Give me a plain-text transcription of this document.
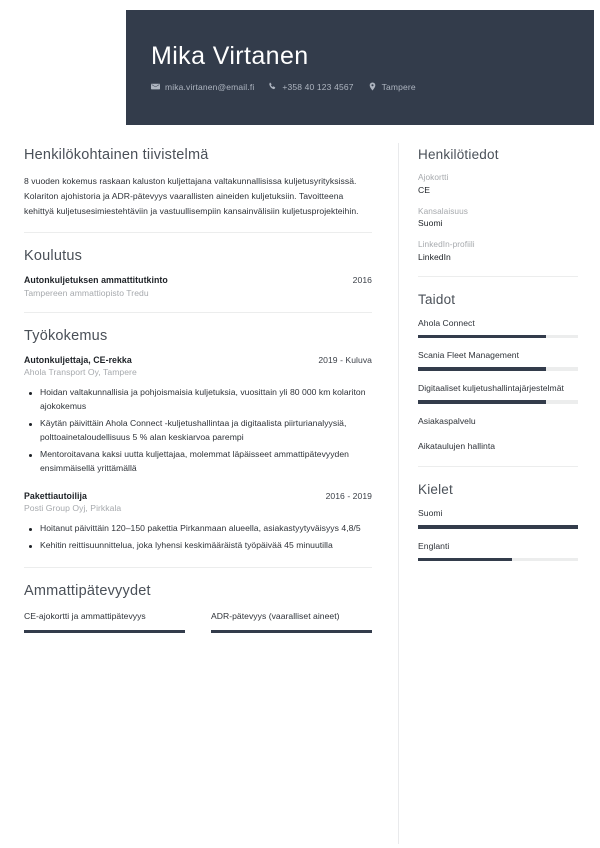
Mika Virtanen
mika.virtanen@email.fi	+358 40 123 4567	Tampere
Henkilökohtainen tiivistelmä
8 vuoden kokemus raskaan kaluston kuljettajana valtakunnallisissa kuljetusyrityksissä. Kolariton ajohistoria ja ADR-pätevyys vaarallisten aineiden kuljetuksiin. Tavoitteena kehittyä kuljetusesimiestehtäviin ja vastuullisempiin kansainvälisiin kuljetusprojekteihin.
Koulutus
Autonkuljetuksen ammattitutkinto	2016
Tampereen ammattiopisto Tredu
Työkokemus
Autonkuljettaja, CE-rekka	2019 - Kuluva
Ahola Transport Oy, Tampere
Hoidan valtakunnallisia ja pohjoismaisia kuljetuksia, vuosittain yli 80 000 km kolariton ajokokemus
Käytän päivittäin Ahola Connect -kuljetushallintaa ja digitaalista piirturianalyysiä, polttoainetaloudellisuus 5 % alan keskiarvoa parempi
Mentoroitavana kaksi uutta kuljettajaa, molemmat läpäisseet ammattipätevyyden ensimmäisellä yrittämällä
Pakettiautoilija	2016 - 2019
Posti Group Oyj, Pirkkala
Hoitanut päivittäin 120–150 pakettia Pirkanmaan alueella, asiakastyytyväisyys 4,8/5
Kehitin reittisuunnittelua, joka lyhensi keskimääräistä työpäivää 45 minuutilla
Ammattipätevyydet
CE-ajokortti ja ammattipätevyys	ADR-pätevyys (vaaralliset aineet)
Henkilötiedot
Ajokortti
CE
Kansalaisuus
Suomi
LinkedIn-profiili
LinkedIn
Taidot
Ahola Connect
Scania Fleet Management
Digitaaliset kuljetushallintajärjestelmät
Asiakaspalvelu
Aikataulujen hallinta
Kielet
Suomi
Englanti
